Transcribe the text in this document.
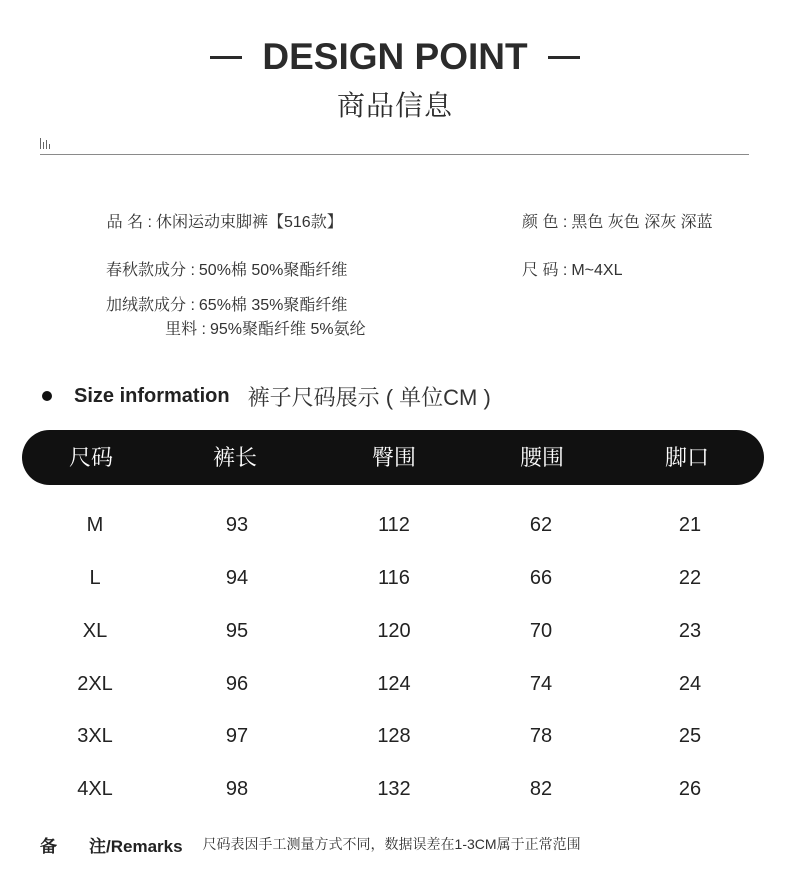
DESIGN POINT
商品信息
品 名 : 休闲运动束脚裤【516款】
春秋款成分 : 50%棉 50%聚酯纤维
加绒款成分 : 65%棉 35%聚酯纤维
里料 : 95%聚酯纤维 5%氨纶
颜 色 : 黑色 灰色 深灰 深蓝
尺 码 : M~4XL
Size information 裤子尺码展示 ( 单位CM )
尺码	裤长	臀围	腰围	脚口
M	93	112	62	21
L	94	116	66	22
XL	95	120	70	23
2XL	96	124	74	24
3XL	97	128	78	25
4XL	98	132	82	26
备 注/Remarks 尺码表因手工测量方式不同，数据误差在1-3CM属于正常范围
